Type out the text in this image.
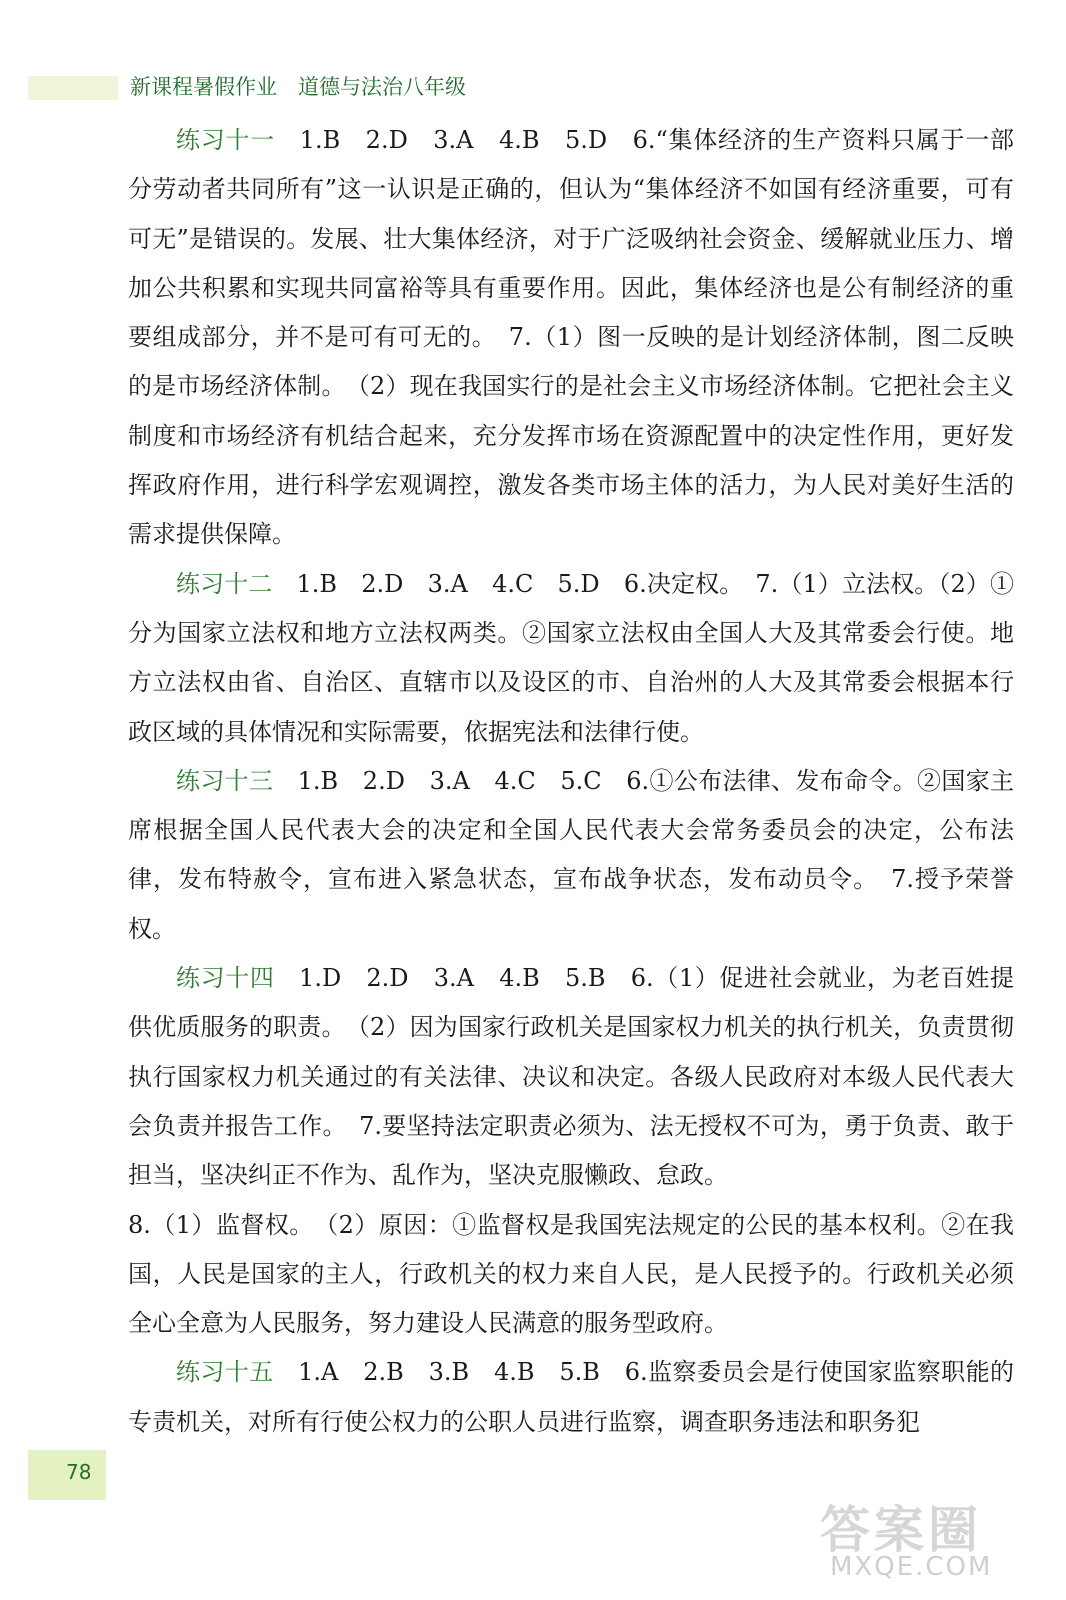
新课程暑假作业 道德与法治八年级

练习十一　 1.B　2.D　3.A　4.B　5.D　6.“集体经济的生产资料只属于一部分劳动者共同所有”这一认识是正确的，但认为“集体经济不如国有经济重要，可有可无”是错误的。发展、壮大集体经济，对于广泛吸纳社会资金、缓解就业压力、增加公共积累和实现共同富裕等具有重要作用。因此，集体经济也是公有制经济的重要组成部分，并不是可有可无的。　7.（1）图一反映的是计划经济体制，图二反映的是市场经济体制。　（2）现在我国实行的是社会主义市场经济体制。它把社会主义制度和市场经济有机结合起来，充分发挥市场在资源配置中的决定性作用，更好发挥政府作用，进行科学宏观调控，激发各类市场主体的活力，为人民对美好生活的需求提供保障。

练习十二　 1.B　2.D　3.A　4.C　5.D　6.决定权。　7.（1）立法权。（2）①分为国家立法权和地方立法权两类。②国家立法权由全国人大及其常委会行使。地方立法权由省、自治区、直辖市以及设区的市、自治州的人大及其常委会根据本行政区域的具体情况和实际需要，依据宪法和法律行使。

练习十三　 1.B　2.D　3.A　4.C　5.C　6.①公布法律、发布命令。②国家主席根据全国人民代表大会的决定和全国人民代表大会常务委员会的决定，公布法律，发布特赦令，宣布进入紧急状态，宣布战争状态，发布动员令。　7.授予荣誉权。

练习十四　 1.D　2.D　3.A　4.B　5.B　6.（1）促进社会就业，为老百姓提供优质服务的职责。　（2）因为国家行政机关是国家权力机关的执行机关，负责贯彻执行国家权力机关通过的有关法律、决议和决定。各级人民政府对本级人民代表大会负责并报告工作。　7.要坚持法定职责必须为、法无授权不可为，勇于负责、敢于担当，坚决纠正不作为、乱作为，坚决克服懒政、怠政。

8.（1）监督权。　（2）原因：①监督权是我国宪法规定的公民的基本权利。②在我国，人民是国家的主人，行政机关的权力来自人民，是人民授予的。行政机关必须全心全意为人民服务，努力建设人民满意的服务型政府。

练习十五　 1.A　2.B　3.B　4.B　5.B　6.监察委员会是行使国家监察职能的专责机关，对所有行使公权力的公职人员进行监察，调查职务违法和职务犯

78
答案圈
MXQE.COM
